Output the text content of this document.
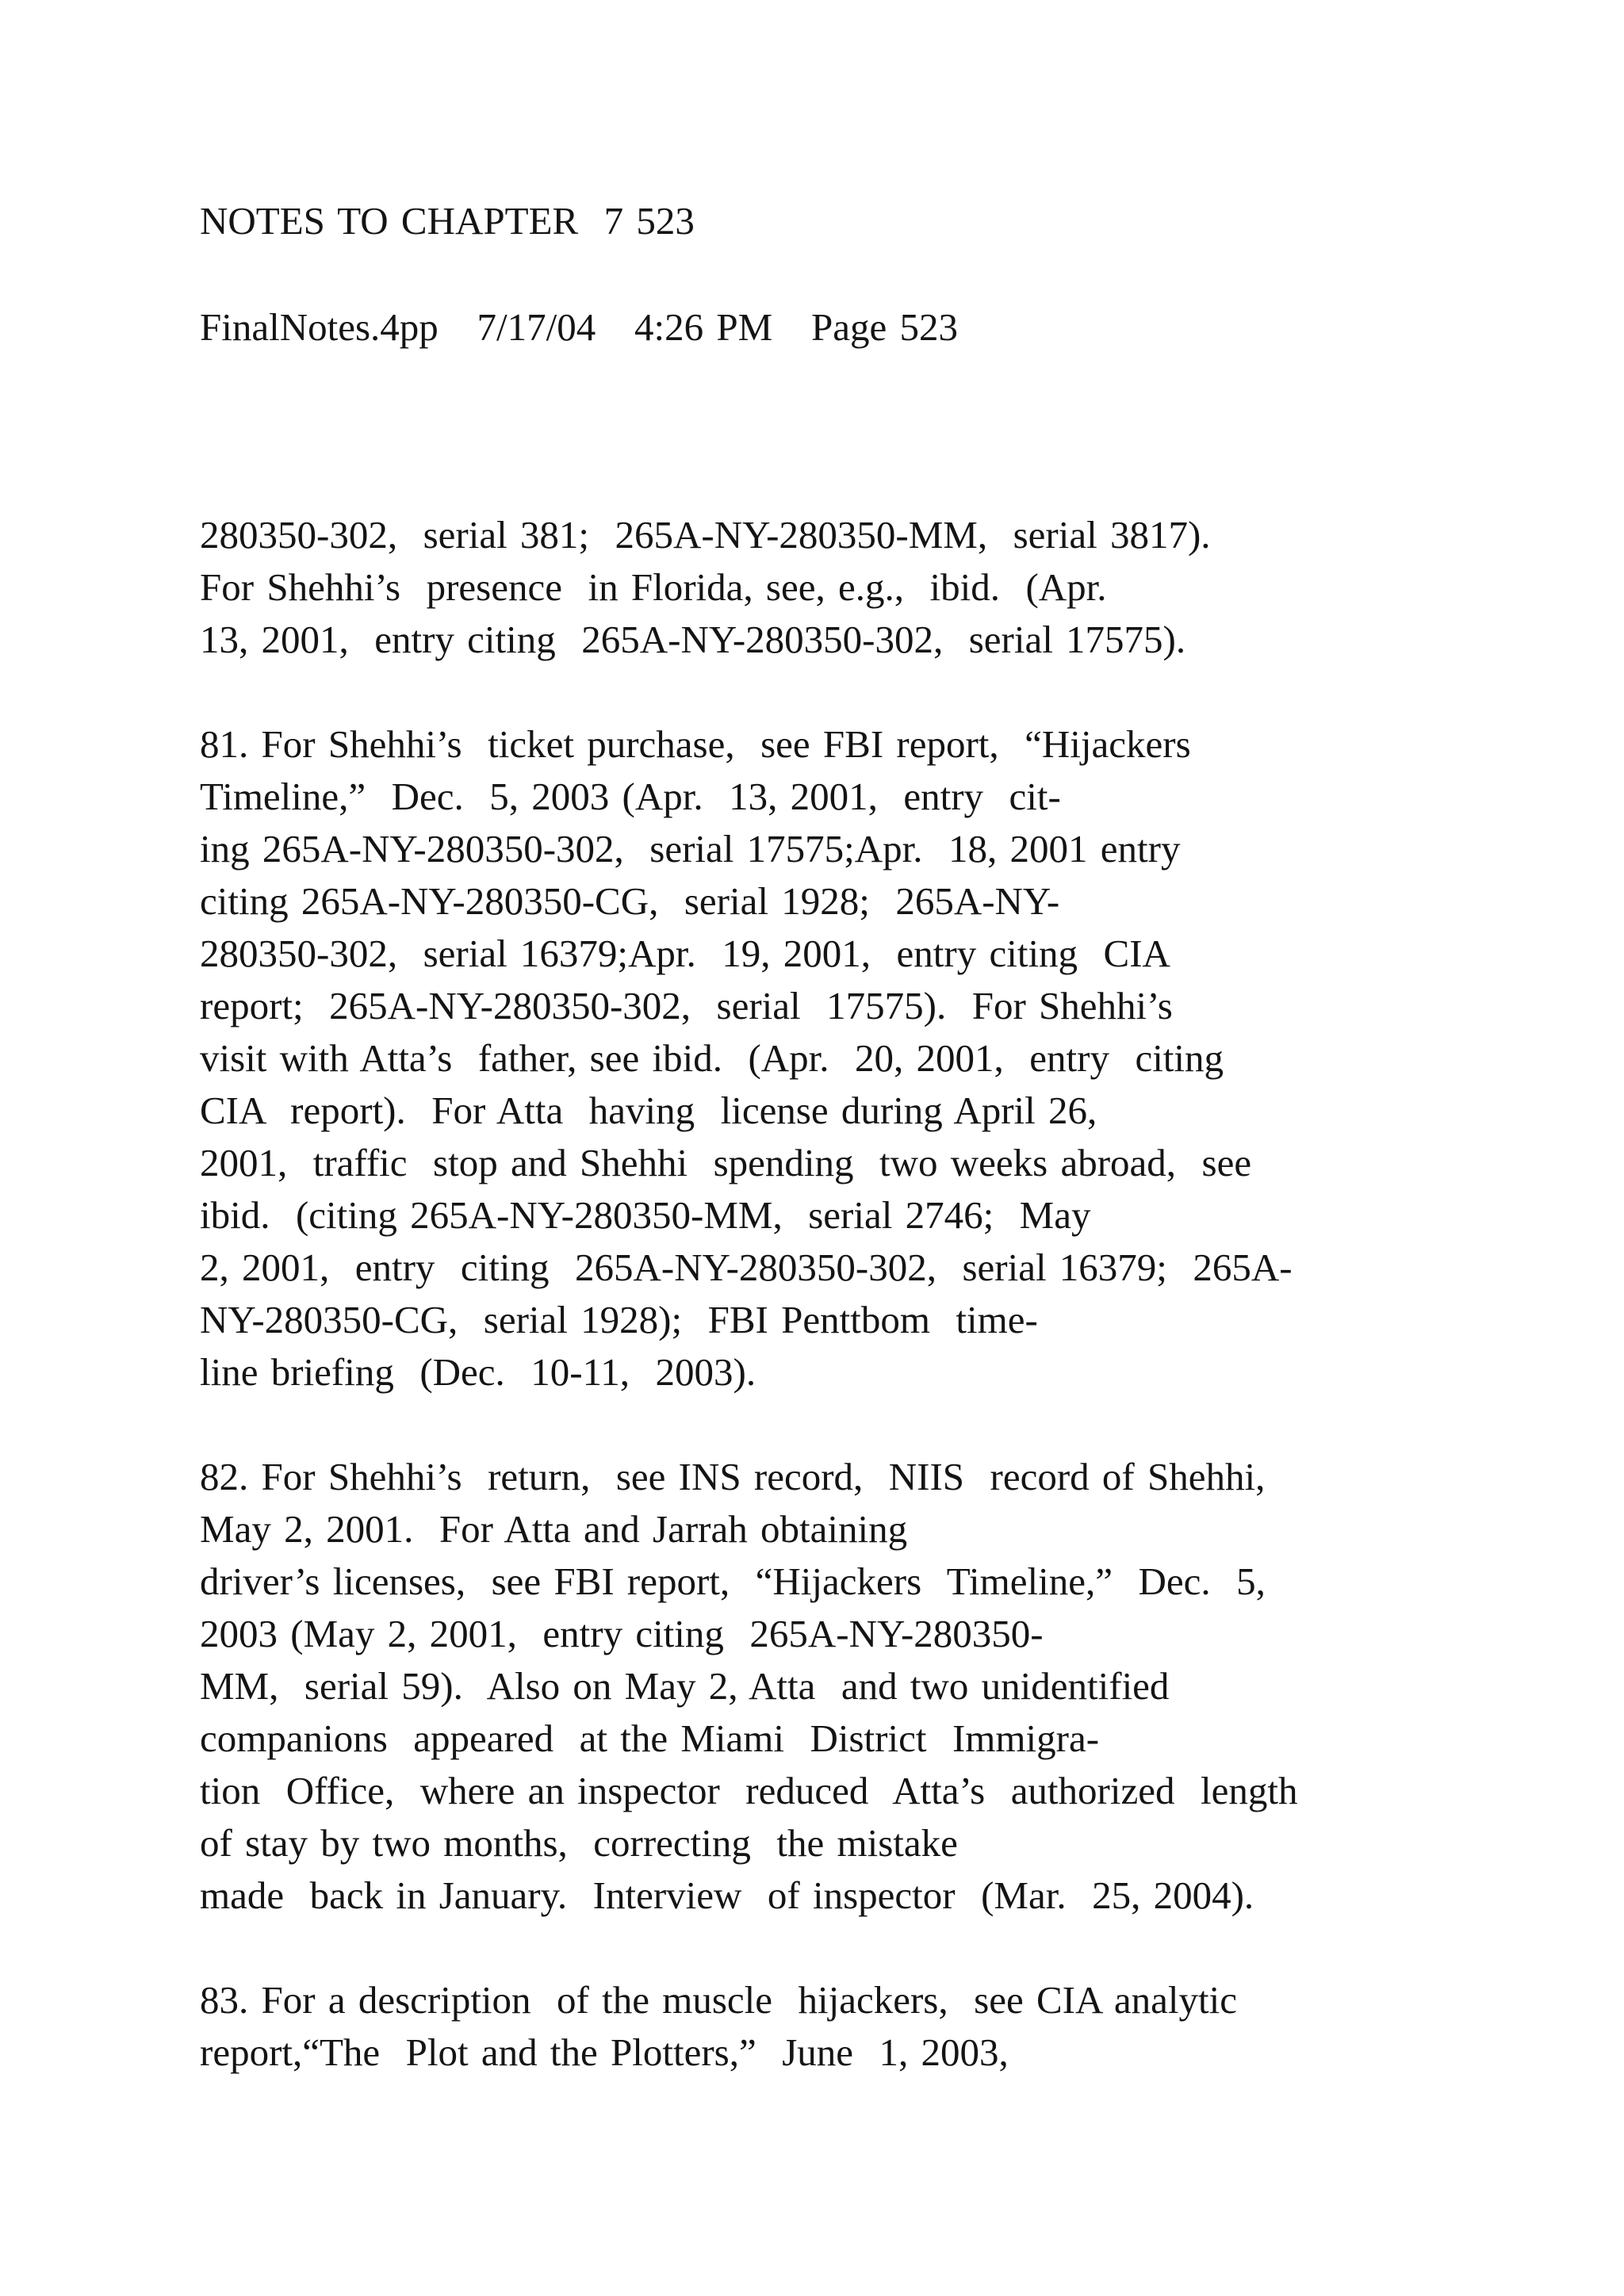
NOTES TO CHAPTER  7 523
FinalNotes.4pp   7/17/04   4:26 PM   Page 523
280350-302,  serial 381;  265A-NY-280350-MM,  serial 3817).
For Shehhi’s  presence  in Florida, see, e.g.,  ibid.  (Apr.
13, 2001,  entry citing  265A-NY-280350-302,  serial 17575).
81. For Shehhi’s  ticket purchase,  see FBI report,  “Hijackers
Timeline,”  Dec.  5, 2003 (Apr.  13, 2001,  entry  cit-
ing 265A-NY-280350-302,  serial 17575;Apr.  18, 2001 entry
citing 265A-NY-280350-CG,  serial 1928;  265A-NY-
280350-302,  serial 16379;Apr.  19, 2001,  entry citing  CIA
report;  265A-NY-280350-302,  serial  17575).  For Shehhi’s
visit with Atta’s  father, see ibid.  (Apr.  20, 2001,  entry  citing
CIA  report).  For Atta  having  license during April 26,
2001,  traffic  stop and Shehhi  spending  two weeks abroad,  see
ibid.  (citing 265A-NY-280350-MM,  serial 2746;  May
2, 2001,  entry  citing  265A-NY-280350-302,  serial 16379;  265A-
NY-280350-CG,  serial 1928);  FBI Penttbom  time-
line briefing  (Dec.  10-11,  2003).
82. For Shehhi’s  return,  see INS record,  NIIS  record of Shehhi,
May 2, 2001.  For Atta and Jarrah obtaining
driver’s licenses,  see FBI report,  “Hijackers  Timeline,”  Dec.  5,
2003 (May 2, 2001,  entry citing  265A-NY-280350-
MM,  serial 59).  Also on May 2, Atta  and two unidentified
companions  appeared  at the Miami  District  Immigra-
tion  Office,  where an inspector  reduced  Atta’s  authorized  length
of stay by two months,  correcting  the mistake
made  back in January.  Interview  of inspector  (Mar.  25, 2004).
83. For a description  of the muscle  hijackers,  see CIA analytic
report,“The  Plot and the Plotters,”  June  1, 2003,
